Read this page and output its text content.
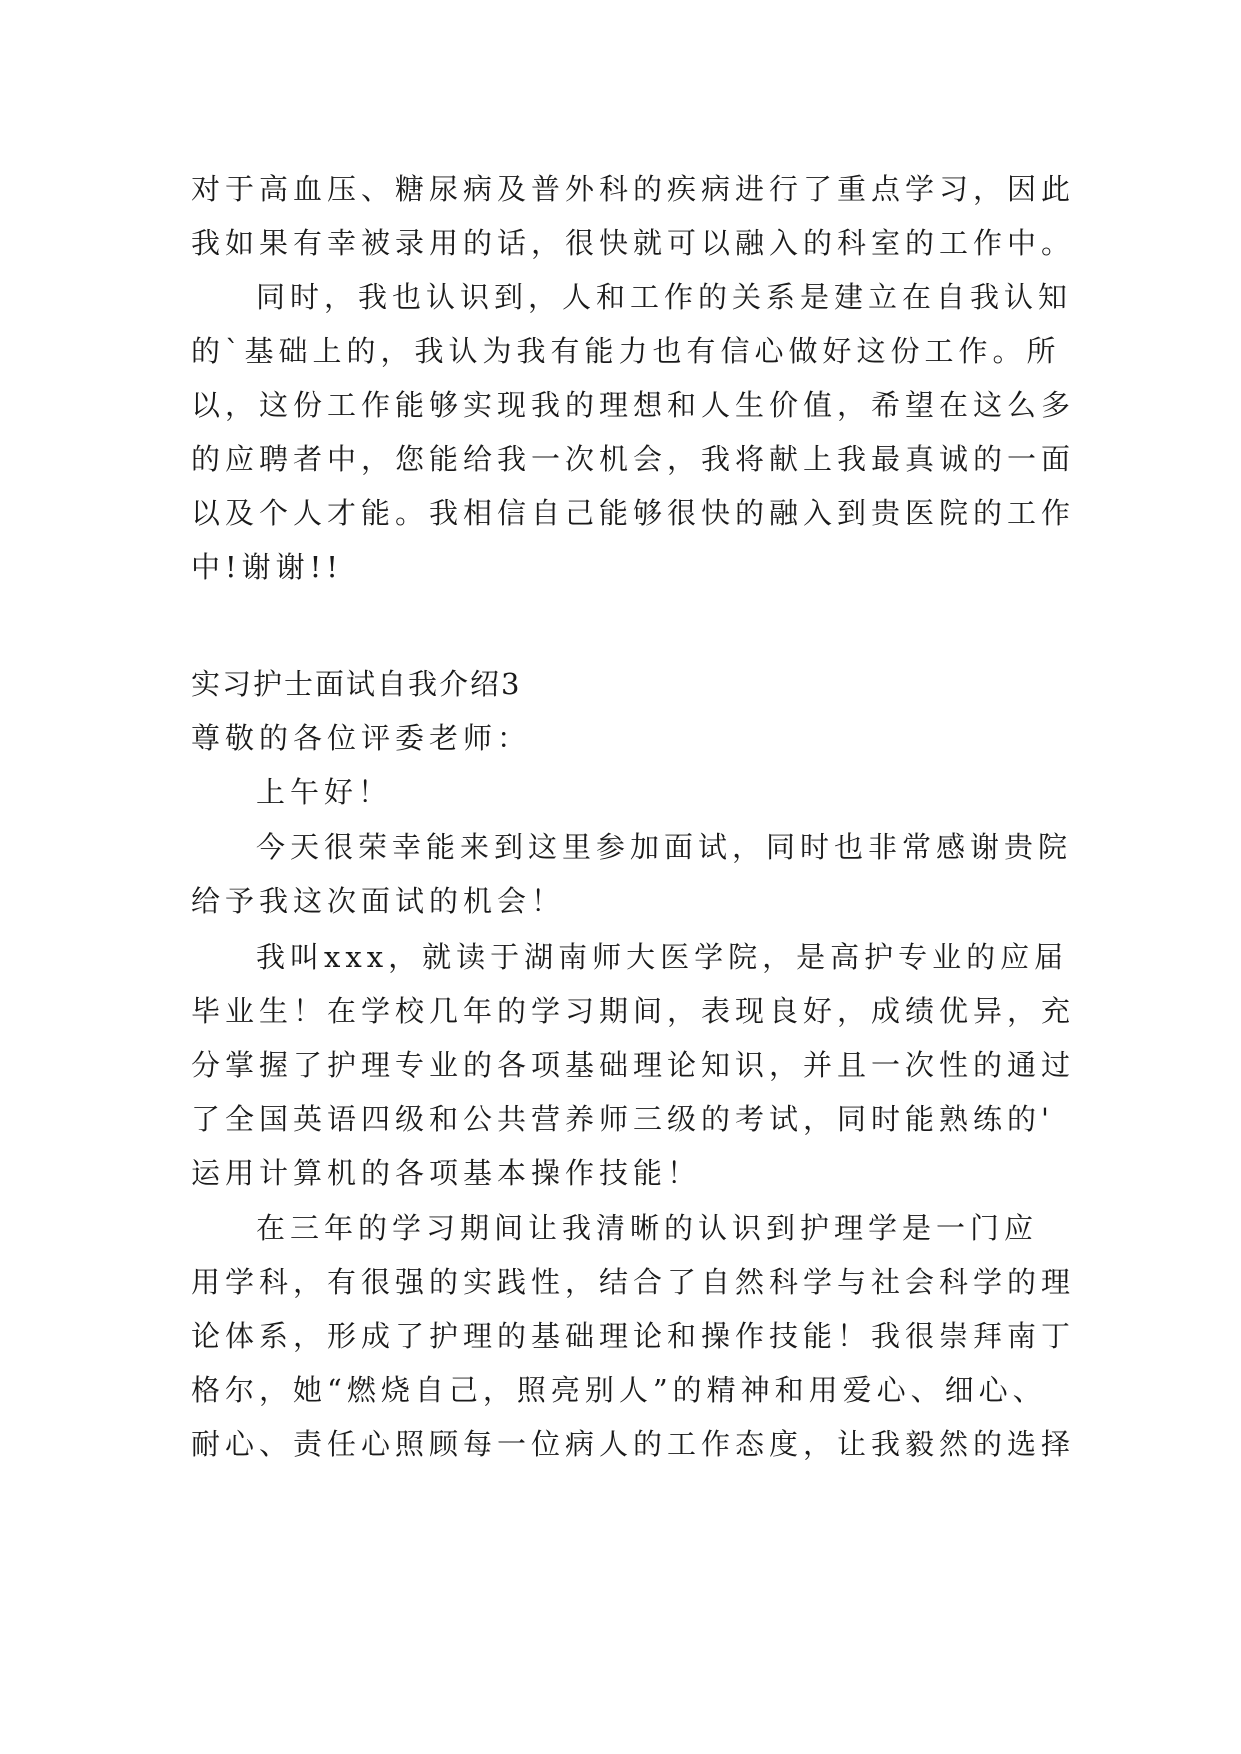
对于高血压、糖尿病及普外科的疾病进行了重点学习，因此
我如果有幸被录用的话，很快就可以融入的科室的工作中。
同时，我也认识到，人和工作的关系是建立在自我认知
的`基础上的，我认为我有能力也有信心做好这份工作。所
以，这份工作能够实现我的理想和人生价值，希望在这么多
的应聘者中，您能给我一次机会，我将献上我最真诚的一面
以及个人才能。我相信自己能够很快的融入到贵医院的工作
中!谢谢!!
实习护士面试自我介绍3
尊敬的各位评委老师：
上午好！
今天很荣幸能来到这里参加面试，同时也非常感谢贵院
给予我这次面试的机会！
我叫xxx，就读于湖南师大医学院，是高护专业的应届
毕业生！在学校几年的学习期间，表现良好，成绩优异，充
分掌握了护理专业的各项基础理论知识，并且一次性的通过
了全国英语四级和公共营养师三级的考试，同时能熟练的'
运用计算机的各项基本操作技能！
在三年的学习期间让我清晰的认识到护理学是一门应
用学科，有很强的实践性，结合了自然科学与社会科学的理
论体系，形成了护理的基础理论和操作技能！我很崇拜南丁
格尔，她“燃烧自己，照亮别人”的精神和用爱心、细心、
耐心、责任心照顾每一位病人的工作态度，让我毅然的选择
